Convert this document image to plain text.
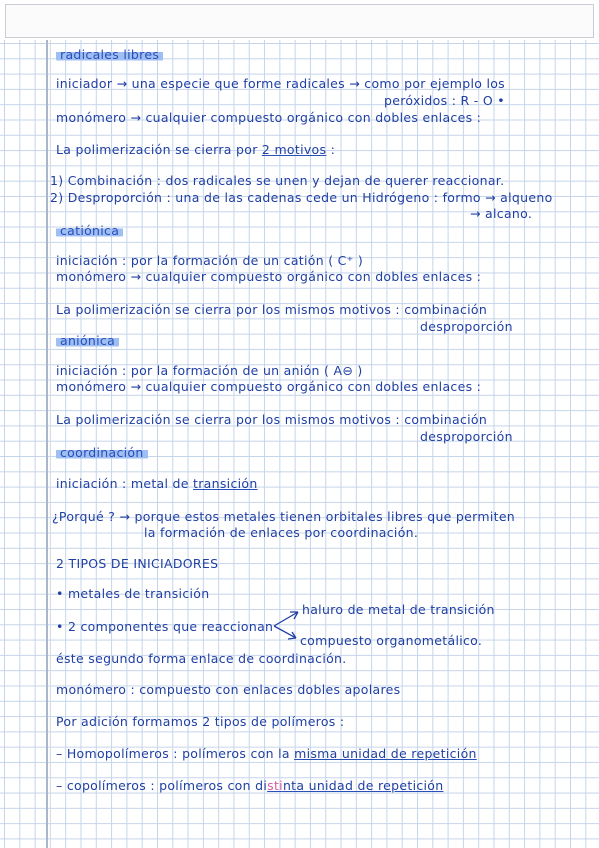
radicales libres
iniciador → una especie que forme radicales → como por ejemplo los
peróxidos : R - O •
monómero → cualquier compuesto orgánico con dobles enlaces :
La polimerización se cierra por 2 motivos :
1) Combinación : dos radicales se unen y dejan de querer reaccionar.
2) Desproporción : una de las cadenas cede un Hidrógeno : formo → alqueno
→ alcano.
catiónica
iniciación : por la formación de un catión ( C⁺ )
monómero → cualquier compuesto orgánico con dobles enlaces :
La polimerización se cierra por los mismos motivos : combinación
desproporción
aniónica
iniciación : por la formación de un anión ( A⊖ )
monómero → cualquier compuesto orgánico con dobles enlaces :
La polimerización se cierra por los mismos motivos : combinación
desproporción
coordinación
iniciación : metal de transición
¿Porqué ? → porque estos metales tienen orbitales libres que permiten
la formación de enlaces por coordinación.
2 TIPOS DE INICIADORES
• metales de transición
haluro de metal de transición
• 2 componentes que reaccionan
compuesto organometálico.
éste segundo forma enlace de coordinación.
monómero : compuesto con enlaces dobles apolares
Por adición formamos 2 tipos de polímeros :
– Homopolímeros : polímeros con la misma unidad de repetición
– copolímeros : polímeros con distinta unidad de repetición
